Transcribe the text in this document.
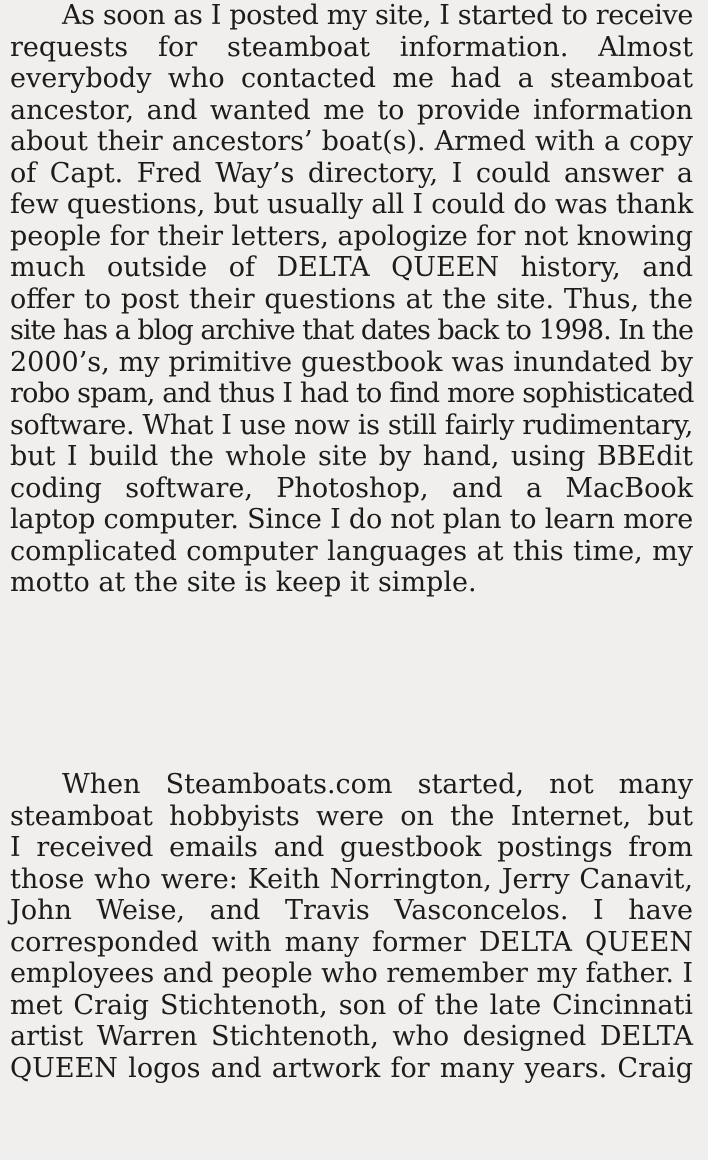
As soon as I posted my site, I started to receive
requests for steamboat information. Almost
everybody who contacted me had a steamboat
ancestor, and wanted me to provide information
about their ancestors’ boat(s). Armed with a copy
of Capt. Fred Way’s directory, I could answer a
few questions, but usually all I could do was thank
people for their letters, apologize for not knowing
much outside of DELTA QUEEN history, and
offer to post their questions at the site. Thus, the
site has a blog archive that dates back to 1998. In the
2000’s, my primitive guestbook was inundated by
robo spam, and thus I had to find more sophisticated
software. What I use now is still fairly rudimentary,
but I build the whole site by hand, using BBEdit
coding software, Photoshop, and a MacBook
laptop computer. Since I do not plan to learn more
complicated computer languages at this time, my
motto at the site is keep it simple.
When Steamboats.com started, not many
steamboat hobbyists were on the Internet, but
I received emails and guestbook postings from
those who were: Keith Norrington, Jerry Canavit,
John Weise, and Travis Vasconcelos. I have
corresponded with many former DELTA QUEEN
employees and people who remember my father. I
met Craig Stichtenoth, son of the late Cincinnati
artist Warren Stichtenoth, who designed DELTA
QUEEN logos and artwork for many years. Craig
